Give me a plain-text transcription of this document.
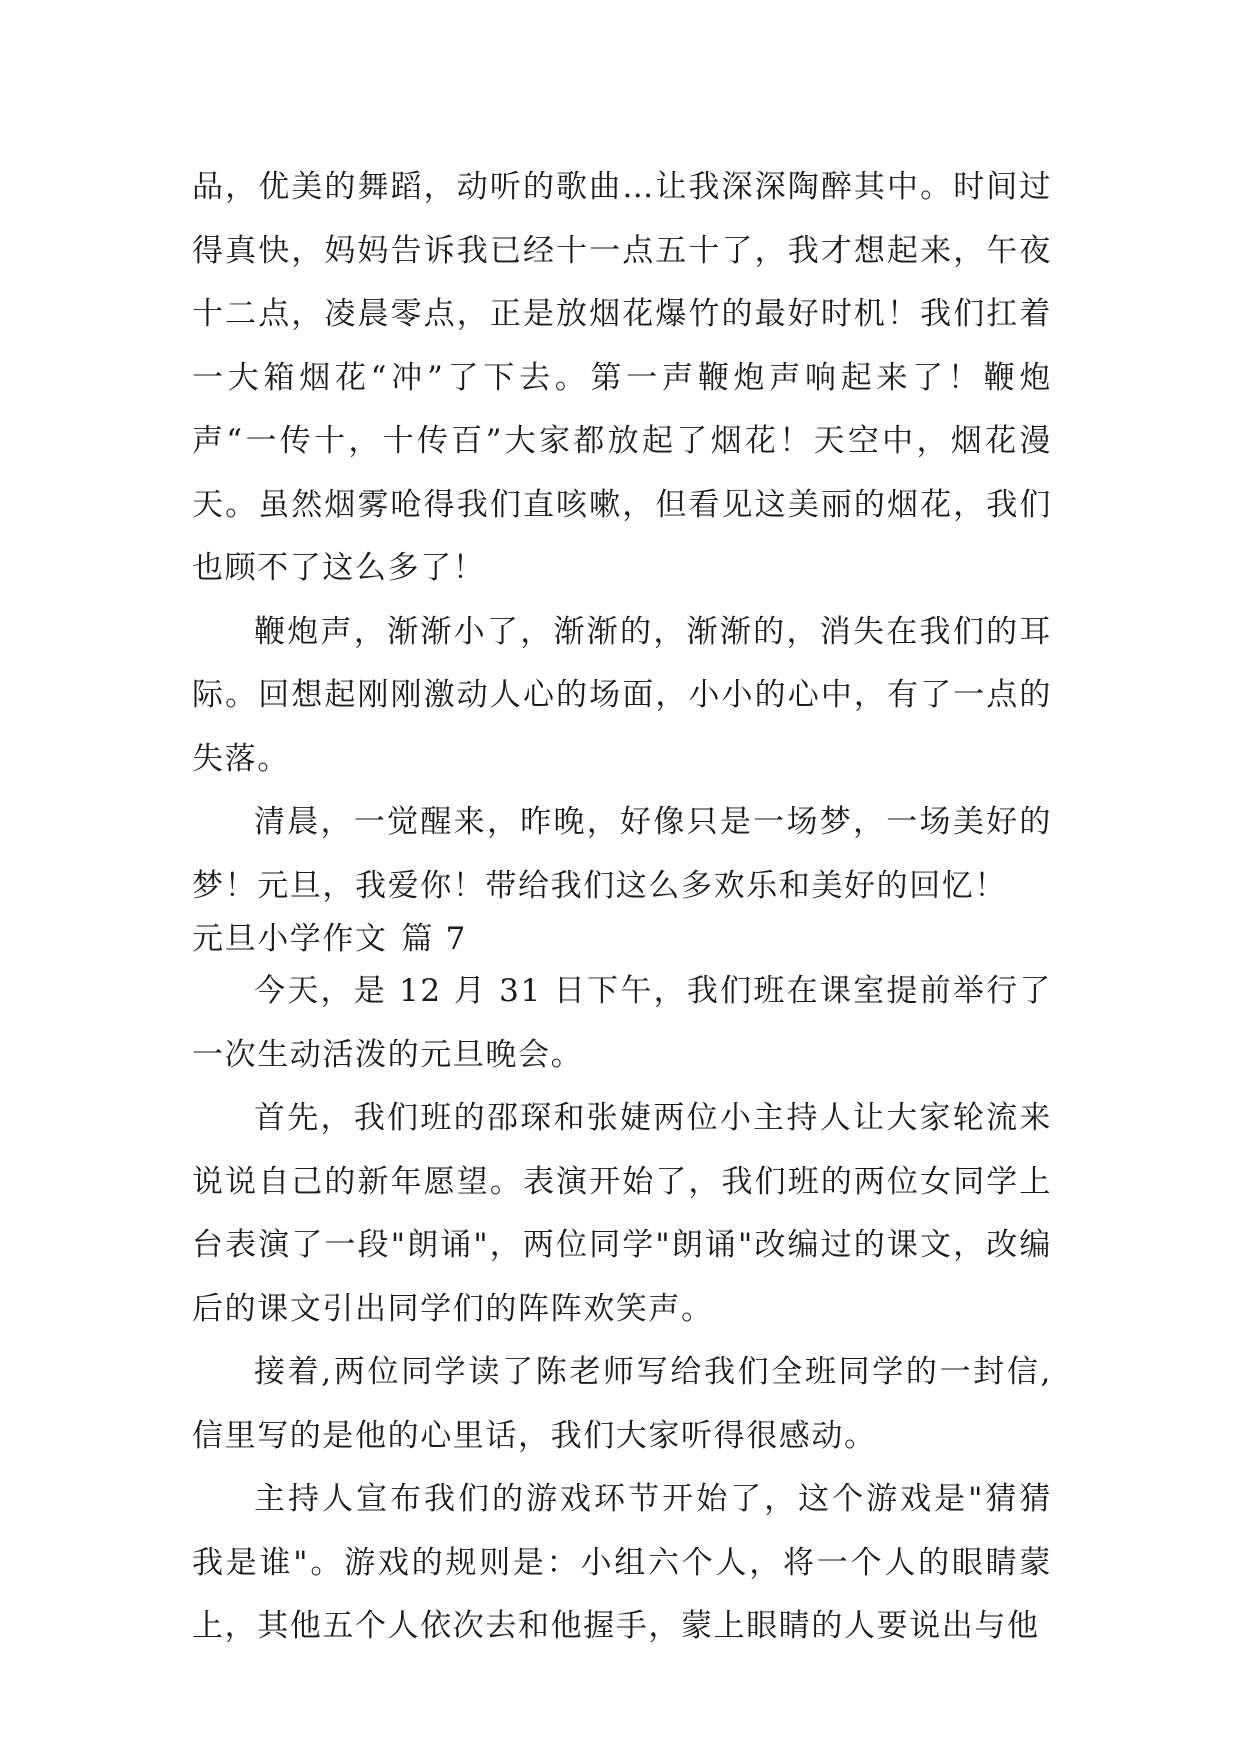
品，优美的舞蹈，动听的歌曲…让我深深陶醉其中。时间过得真快，妈妈告诉我已经十一点五十了，我才想起来，午夜十二点，凌晨零点，正是放烟花爆竹的最好时机！我们扛着一大箱烟花“冲”了下去。第一声鞭炮声响起来了！鞭炮声“一传十，十传百”大家都放起了烟花！天空中，烟花漫天。虽然烟雾呛得我们直咳嗽，但看见这美丽的烟花，我们也顾不了这么多了！

鞭炮声，渐渐小了，渐渐的，渐渐的，消失在我们的耳际。回想起刚刚激动人心的场面，小小的心中，有了一点的失落。

清晨，一觉醒来，昨晚，好像只是一场梦，一场美好的梦！元旦，我爱你！带给我们这么多欢乐和美好的回忆！

元旦小学作文 篇 7

今天，是 12 月 31 日下午，我们班在课室提前举行了一次生动活泼的元旦晚会。

首先，我们班的邵琛和张婕两位小主持人让大家轮流来说说自己的新年愿望。表演开始了，我们班的两位女同学上台表演了一段"朗诵"，两位同学"朗诵"改编过的课文，改编后的课文引出同学们的阵阵欢笑声。

接着,两位同学读了陈老师写给我们全班同学的一封信,信里写的是他的心里话，我们大家听得很感动。

主持人宣布我们的游戏环节开始了，这个游戏是"猜猜我是谁"。游戏的规则是：小组六个人，将一个人的眼睛蒙上，其他五个人依次去和他握手，蒙上眼睛的人要说出与他
